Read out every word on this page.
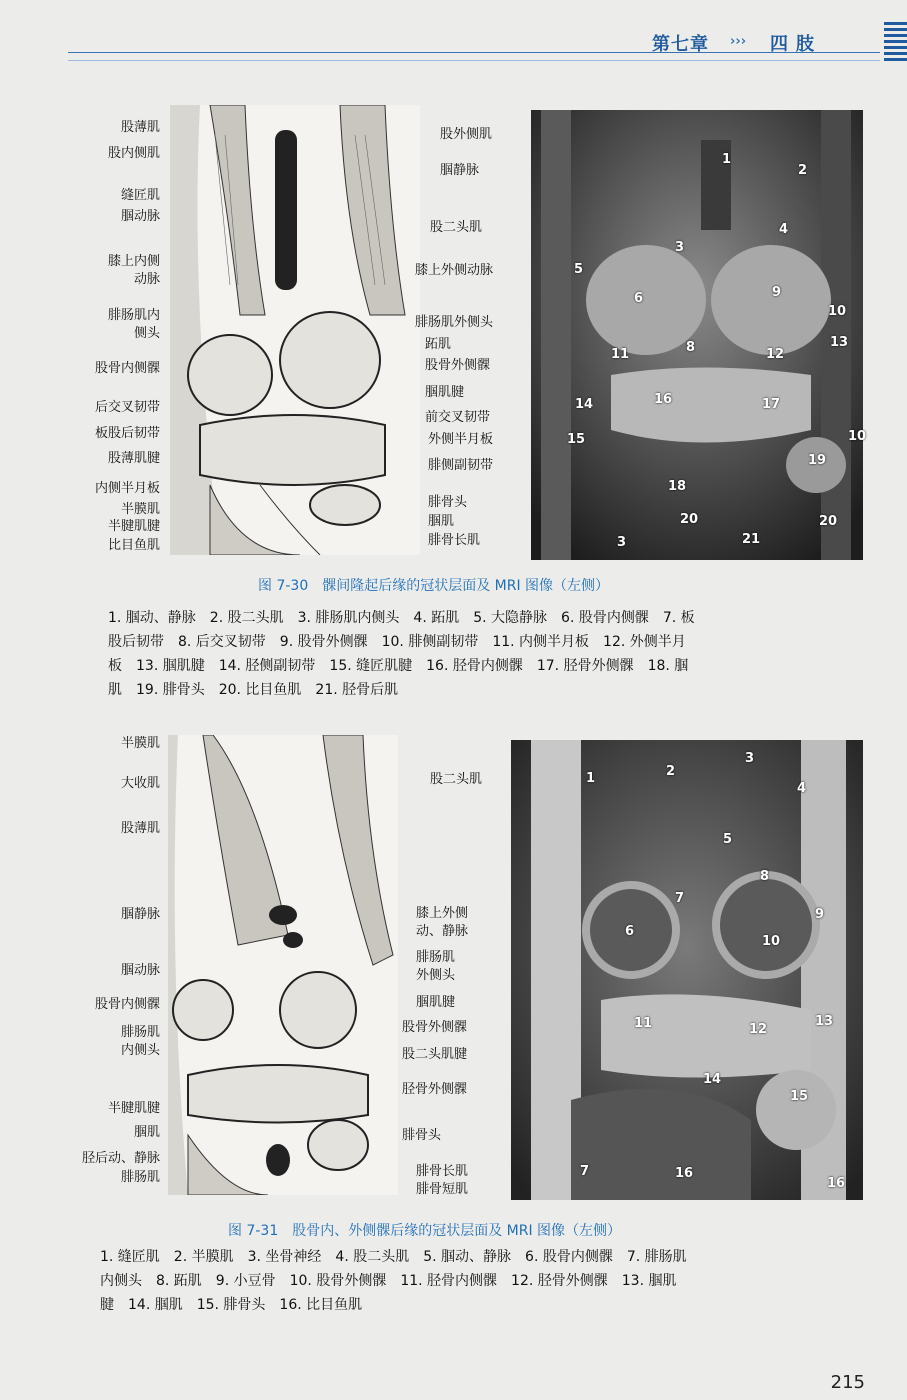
第七章 ››› 四肢
股薄肌
股内侧肌
缝匠肌
腘动脉
膝上内侧
动脉
腓肠肌内
侧头
股骨内侧髁
后交叉韧带
板股后韧带
股薄肌腱
内侧半月板
半膜肌
半腱肌腱
比目鱼肌
股外侧肌
腘静脉
股二头肌
膝上外侧动脉
腓肠肌外侧头
跖肌
股骨外侧髁
腘肌腱
前交叉韧带
外侧半月板
腓侧副韧带
腓骨头
腘肌
腓骨长肌
1
2
3
4
5
6	9
10
11	8	12
13
14	16	17
15	10
19
18
20	20
3	21
图 7-30　髁间隆起后缘的冠状层面及 MRI 图像（左侧）
1. 腘动、静脉　2. 股二头肌　3. 腓肠肌内侧头　4. 跖肌　5. 大隐静脉　6. 股骨内侧髁　7. 板
股后韧带　8. 后交叉韧带　9. 股骨外侧髁　10. 腓侧副韧带　11. 内侧半月板　12. 外侧半月
板　13. 腘肌腱　14. 胫侧副韧带　15. 缝匠肌腱　16. 胫骨内侧髁　17. 胫骨外侧髁　18. 腘
肌　19. 腓骨头　20. 比目鱼肌　21. 胫骨后肌
半膜肌
大收肌
股薄肌
腘静脉
腘动脉
股骨内侧髁
腓肠肌
内侧头
半腱肌腱
腘肌
胫后动、静脉
腓肠肌
股二头肌
膝上外侧
动、静脉
腓肠肌
外侧头
腘肌腱
股骨外侧髁
股二头肌腱
胫骨外侧髁
腓骨头
腓骨长肌
腓骨短肌
1	2
3
4
5
8
7
6
9
10
11	12
13
14
15
7	16
16
图 7-31　股骨内、外侧髁后缘的冠状层面及 MRI 图像（左侧）
1. 缝匠肌　2. 半膜肌　3. 坐骨神经　4. 股二头肌　5. 腘动、静脉　6. 股骨内侧髁　7. 腓肠肌
内侧头　8. 跖肌　9. 小豆骨　10. 股骨外侧髁　11. 胫骨内侧髁　12. 胫骨外侧髁　13. 腘肌
腱　14. 腘肌　15. 腓骨头　16. 比目鱼肌
215
